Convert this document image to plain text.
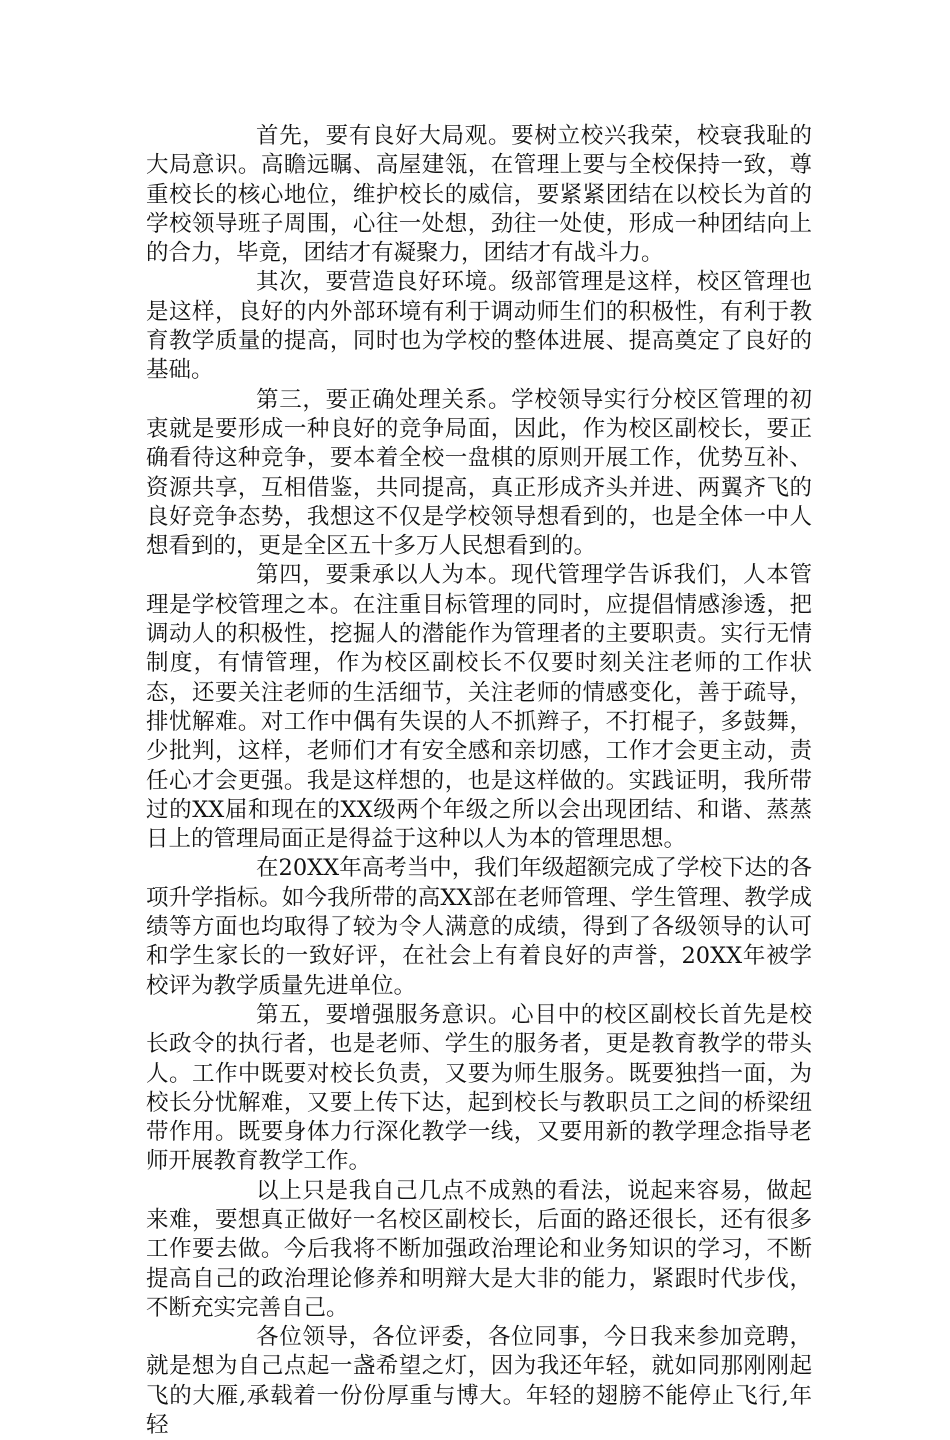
首先，要有良好大局观。要树立校兴我荣，校衰我耻的大局意识。高瞻远瞩、高屋建瓴，在管理上要与全校保持一致，尊重校长的核心地位，维护校长的威信，要紧紧团结在以校长为首的学校领导班子周围，心往一处想，劲往一处使，形成一种团结向上的合力，毕竟，团结才有凝聚力，团结才有战斗力。

其次，要营造良好环境。级部管理是这样，校区管理也是这样，良好的内外部环境有利于调动师生们的积极性，有利于教育教学质量的提高，同时也为学校的整体进展、提高奠定了良好的基础。

第三，要正确处理关系。学校领导实行分校区管理的初衷就是要形成一种良好的竞争局面，因此，作为校区副校长，要正确看待这种竞争，要本着全校一盘棋的原则开展工作，优势互补、资源共享，互相借鉴，共同提高，真正形成齐头并进、两翼齐飞的良好竞争态势，我想这不仅是学校领导想看到的，也是全体一中人想看到的，更是全区五十多万人民想看到的。

第四，要秉承以人为本。现代管理学告诉我们，人本管理是学校管理之本。在注重目标管理的同时，应提倡情感渗透，把调动人的积极性，挖掘人的潜能作为管理者的主要职责。实行无情制度，有情管理，作为校区副校长不仅要时刻关注老师的工作状态，还要关注老师的生活细节，关注老师的情感变化，善于疏导，排忧解难。对工作中偶有失误的人不抓辫子，不打棍子，多鼓舞，少批判，这样，老师们才有安全感和亲切感，工作才会更主动，责任心才会更强。我是这样想的，也是这样做的。实践证明，我所带过的XX届和现在的XX级两个年级之所以会出现团结、和谐、蒸蒸日上的管理局面正是得益于这种以人为本的管理思想。

在20XX年高考当中，我们年级超额完成了学校下达的各项升学指标。如今我所带的高XX部在老师管理、学生管理、教学成绩等方面也均取得了较为令人满意的成绩，得到了各级领导的认可和学生家长的一致好评，在社会上有着良好的声誉，20XX年被学校评为教学质量先进单位。

第五，要增强服务意识。心目中的校区副校长首先是校长政令的执行者，也是老师、学生的服务者，更是教育教学的带头人。工作中既要对校长负责，又要为师生服务。既要独挡一面，为校长分忧解难，又要上传下达，起到校长与教职员工之间的桥梁纽带作用。既要身体力行深化教学一线，又要用新的教学理念指导老师开展教育教学工作。

以上只是我自己几点不成熟的看法，说起来容易，做起来难，要想真正做好一名校区副校长，后面的路还很长，还有很多工作要去做。今后我将不断加强政治理论和业务知识的学习，不断提高自己的政治理论修养和明辩大是大非的能力，紧跟时代步伐，不断充实完善自己。

各位领导，各位评委，各位同事，今日我来参加竞聘，就是想为自己点起一盏希望之灯，因为我还年轻，就如同那刚刚起飞的大雁,承载着一份份厚重与博大。年轻的翅膀不能停止飞行,年轻
